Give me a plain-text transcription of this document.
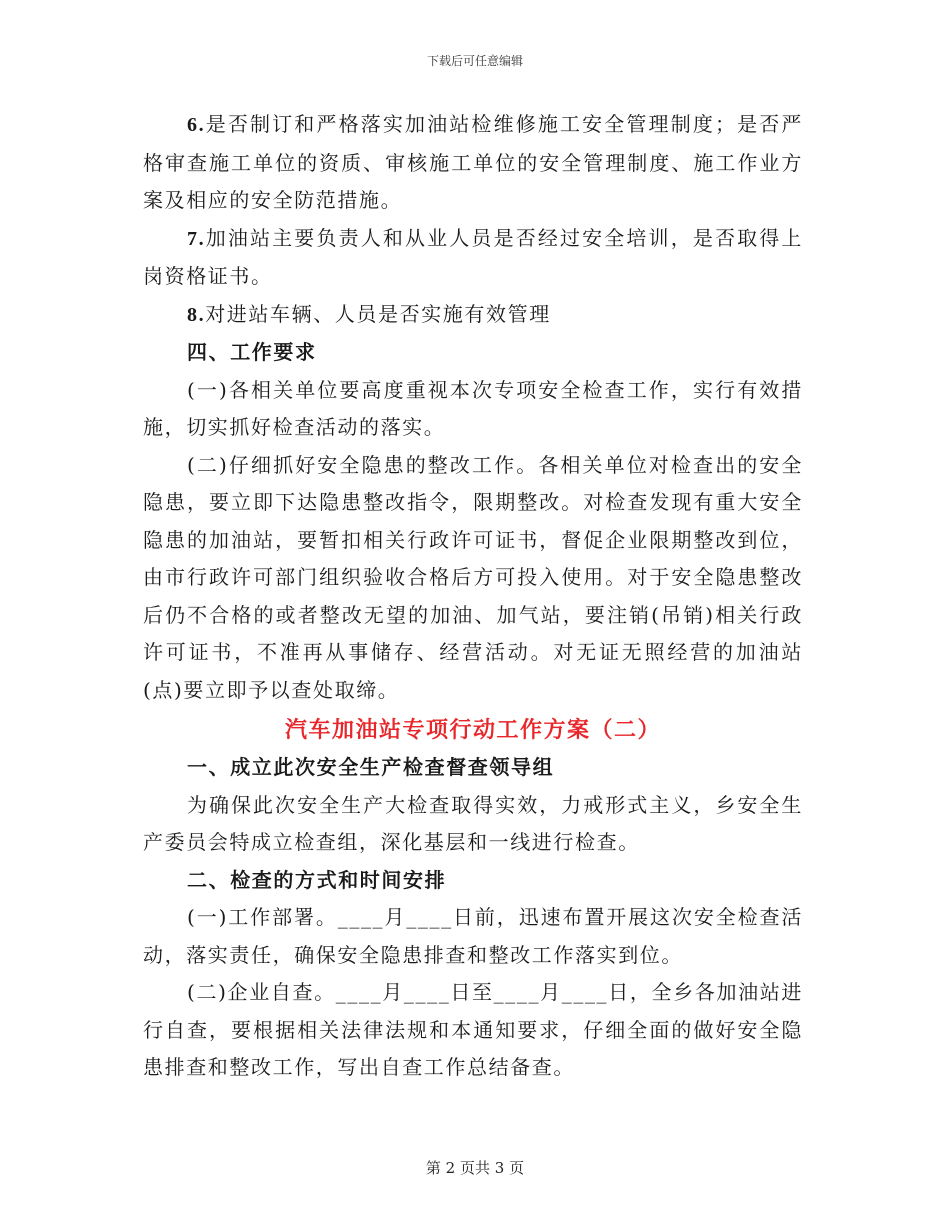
下载后可任意编辑

6.是否制订和严格落实加油站检维修施工安全管理制度；是否严格审查施工单位的资质、审核施工单位的安全管理制度、施工作业方案及相应的安全防范措施。

7.加油站主要负责人和从业人员是否经过安全培训，是否取得上岗资格证书。

8.对进站车辆、人员是否实施有效管理

四、工作要求

(一)各相关单位要高度重视本次专项安全检查工作，实行有效措施，切实抓好检查活动的落实。

(二)仔细抓好安全隐患的整改工作。各相关单位对检查出的安全隐患，要立即下达隐患整改指令，限期整改。对检查发现有重大安全隐患的加油站，要暂扣相关行政许可证书，督促企业限期整改到位，由市行政许可部门组织验收合格后方可投入使用。对于安全隐患整改后仍不合格的或者整改无望的加油、加气站，要注销(吊销)相关行政许可证书，不准再从事储存、经营活动。对无证无照经营的加油站(点)要立即予以查处取缔。

汽车加油站专项行动工作方案（二）

一、成立此次安全生产检查督查领导组

为确保此次安全生产大检查取得实效，力戒形式主义，乡安全生产委员会特成立检查组，深化基层和一线进行检查。

二、检查的方式和时间安排

(一)工作部署。____月____日前，迅速布置开展这次安全检查活动，落实责任，确保安全隐患排查和整改工作落实到位。

(二)企业自查。____月____日至____月____日，全乡各加油站进行自查，要根据相关法律法规和本通知要求，仔细全面的做好安全隐患排查和整改工作，写出自查工作总结备查。

第 2 页共 3 页
